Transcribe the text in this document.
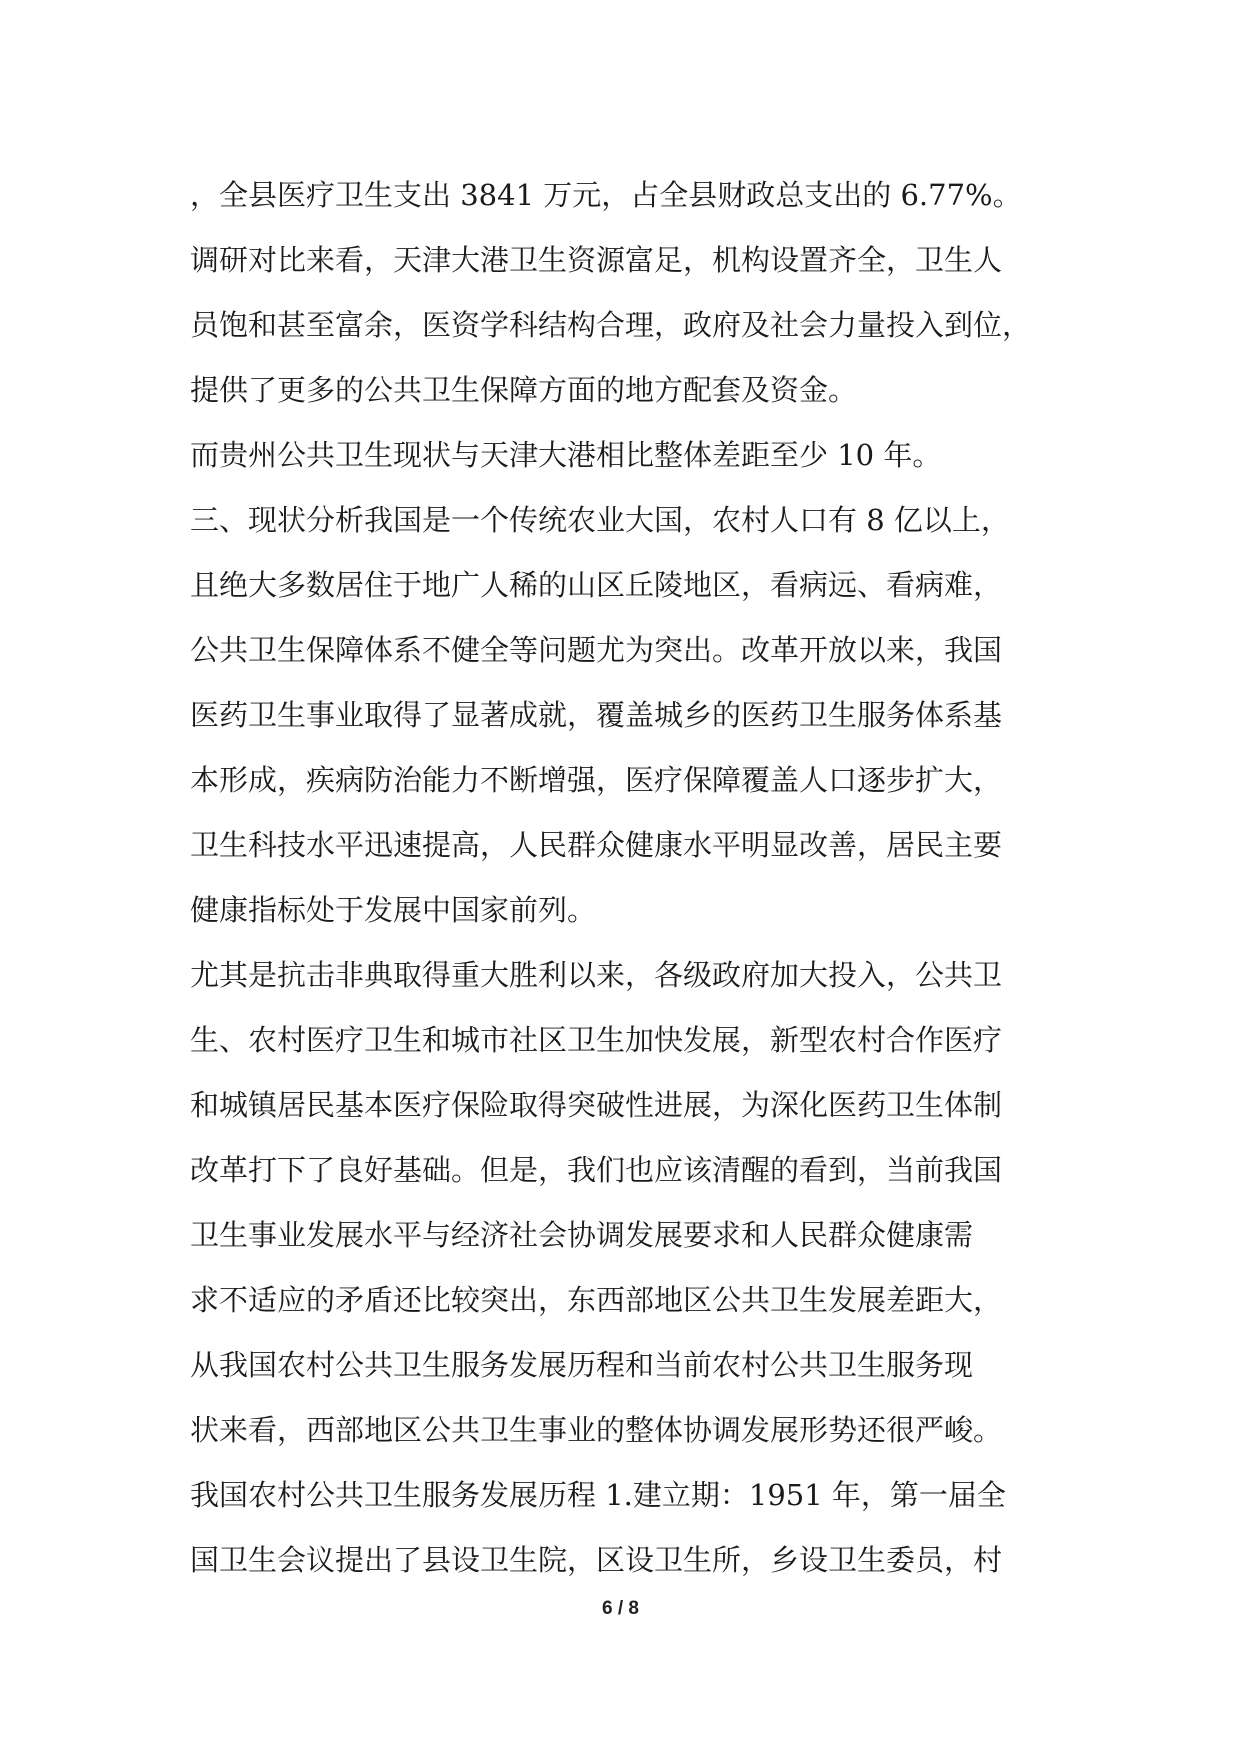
，全县医疗卫生支出 3841 万元，占全县财政总支出的 6.77%。
调研对比来看，天津大港卫生资源富足，机构设置齐全，卫生人
员饱和甚至富余，医资学科结构合理，政府及社会力量投入到位，
提供了更多的公共卫生保障方面的地方配套及资金。
而贵州公共卫生现状与天津大港相比整体差距至少 10 年。
三、现状分析我国是一个传统农业大国，农村人口有 8 亿以上，
且绝大多数居住于地广人稀的山区丘陵地区，看病远、看病难，
公共卫生保障体系不健全等问题尤为突出。改革开放以来，我国
医药卫生事业取得了显著成就，覆盖城乡的医药卫生服务体系基
本形成，疾病防治能力不断增强，医疗保障覆盖人口逐步扩大，
卫生科技水平迅速提高，人民群众健康水平明显改善，居民主要
健康指标处于发展中国家前列。
尤其是抗击非典取得重大胜利以来，各级政府加大投入，公共卫
生、农村医疗卫生和城市社区卫生加快发展，新型农村合作医疗
和城镇居民基本医疗保险取得突破性进展，为深化医药卫生体制
改革打下了良好基础。但是，我们也应该清醒的看到，当前我国
卫生事业发展水平与经济社会协调发展要求和人民群众健康需
求不适应的矛盾还比较突出，东西部地区公共卫生发展差距大，
从我国农村公共卫生服务发展历程和当前农村公共卫生服务现
状来看，西部地区公共卫生事业的整体协调发展形势还很严峻。
我国农村公共卫生服务发展历程 1.建立期：1951 年，第一届全
国卫生会议提出了县设卫生院，区设卫生所，乡设卫生委员，村
6 / 8
